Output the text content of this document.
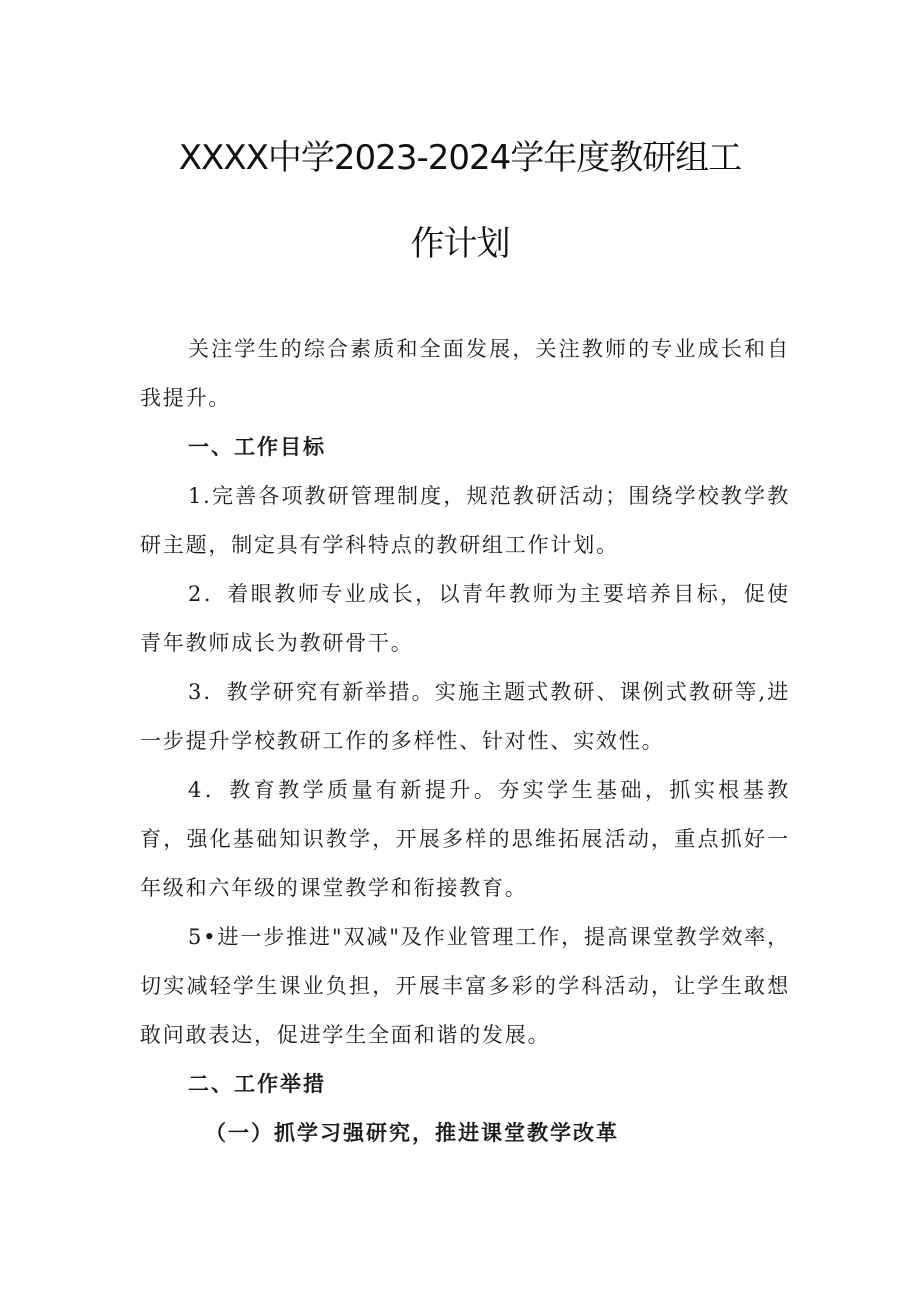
XXXX中学2023-2024学年度教研组工
作计划
关注学生的综合素质和全面发展，关注教师的专业成长和自我提升。
一、工作目标
1.完善各项教研管理制度，规范教研活动；围绕学校教学教研主题，制定具有学科特点的教研组工作计划。
2．着眼教师专业成长，以青年教师为主要培养目标，促使青年教师成长为教研骨干。
3．教学研究有新举措。实施主题式教研、课例式教研等,进一步提升学校教研工作的多样性、针对性、实效性。
4．教育教学质量有新提升。夯实学生基础，抓实根基教育，强化基础知识教学，开展多样的思维拓展活动，重点抓好一年级和六年级的课堂教学和衔接教育。
5•进一步推进"双减"及作业管理工作，提高课堂教学效率，切实减轻学生课业负担，开展丰富多彩的学科活动，让学生敢想敢问敢表达，促进学生全面和谐的发展。
二、工作举措
（一）抓学习强研究，推进课堂教学改革
